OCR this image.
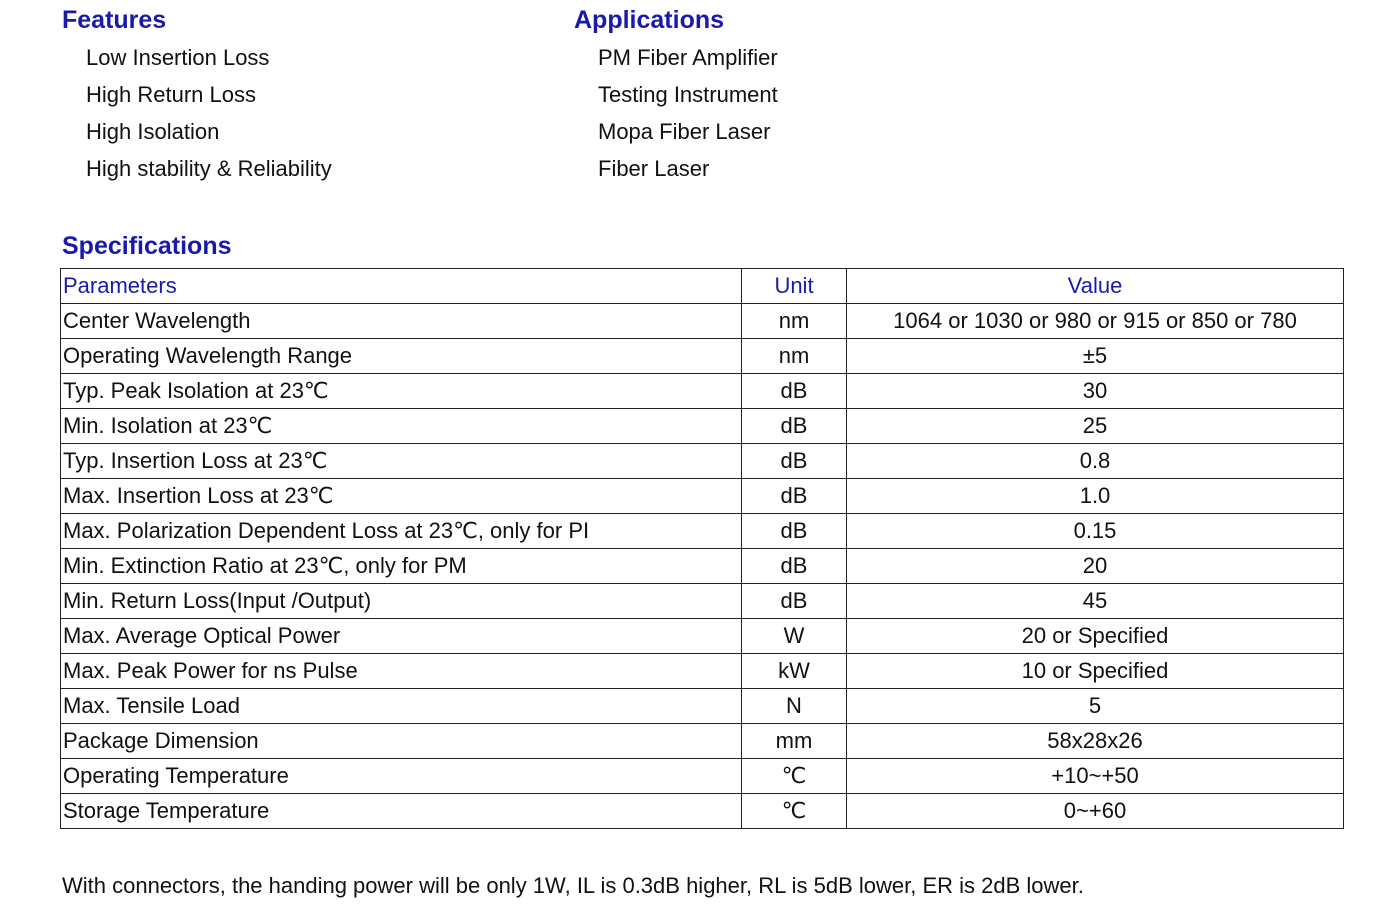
Features
Low Insertion Loss
High Return Loss
High Isolation
High stability & Reliability
Applications
PM Fiber Amplifier
Testing Instrument
Mopa Fiber Laser
Fiber Laser
Specifications
Parameters	Unit	Value
Center Wavelength	nm	1064 or 1030 or 980 or 915 or 850 or 780
Operating Wavelength Range	nm	±5
Typ. Peak Isolation at 23℃	dB	30
Min. Isolation at 23℃	dB	25
Typ. Insertion Loss at 23℃	dB	0.8
Max. Insertion Loss at 23℃	dB	1.0
Max. Polarization Dependent Loss at 23℃, only for PI	dB	0.15
Min. Extinction Ratio at 23℃, only for PM	dB	20
Min. Return Loss(Input /Output)	dB	45
Max. Average Optical Power	W	20 or Specified
Max. Peak Power for ns Pulse	kW	10 or Specified
Max. Tensile Load	N	5
Package Dimension	mm	58x28x26
Operating Temperature	℃	+10~+50
Storage Temperature	℃	0~+60

With connectors, the handing power will be only 1W, IL is 0.3dB higher, RL is 5dB lower, ER is 2dB lower.
